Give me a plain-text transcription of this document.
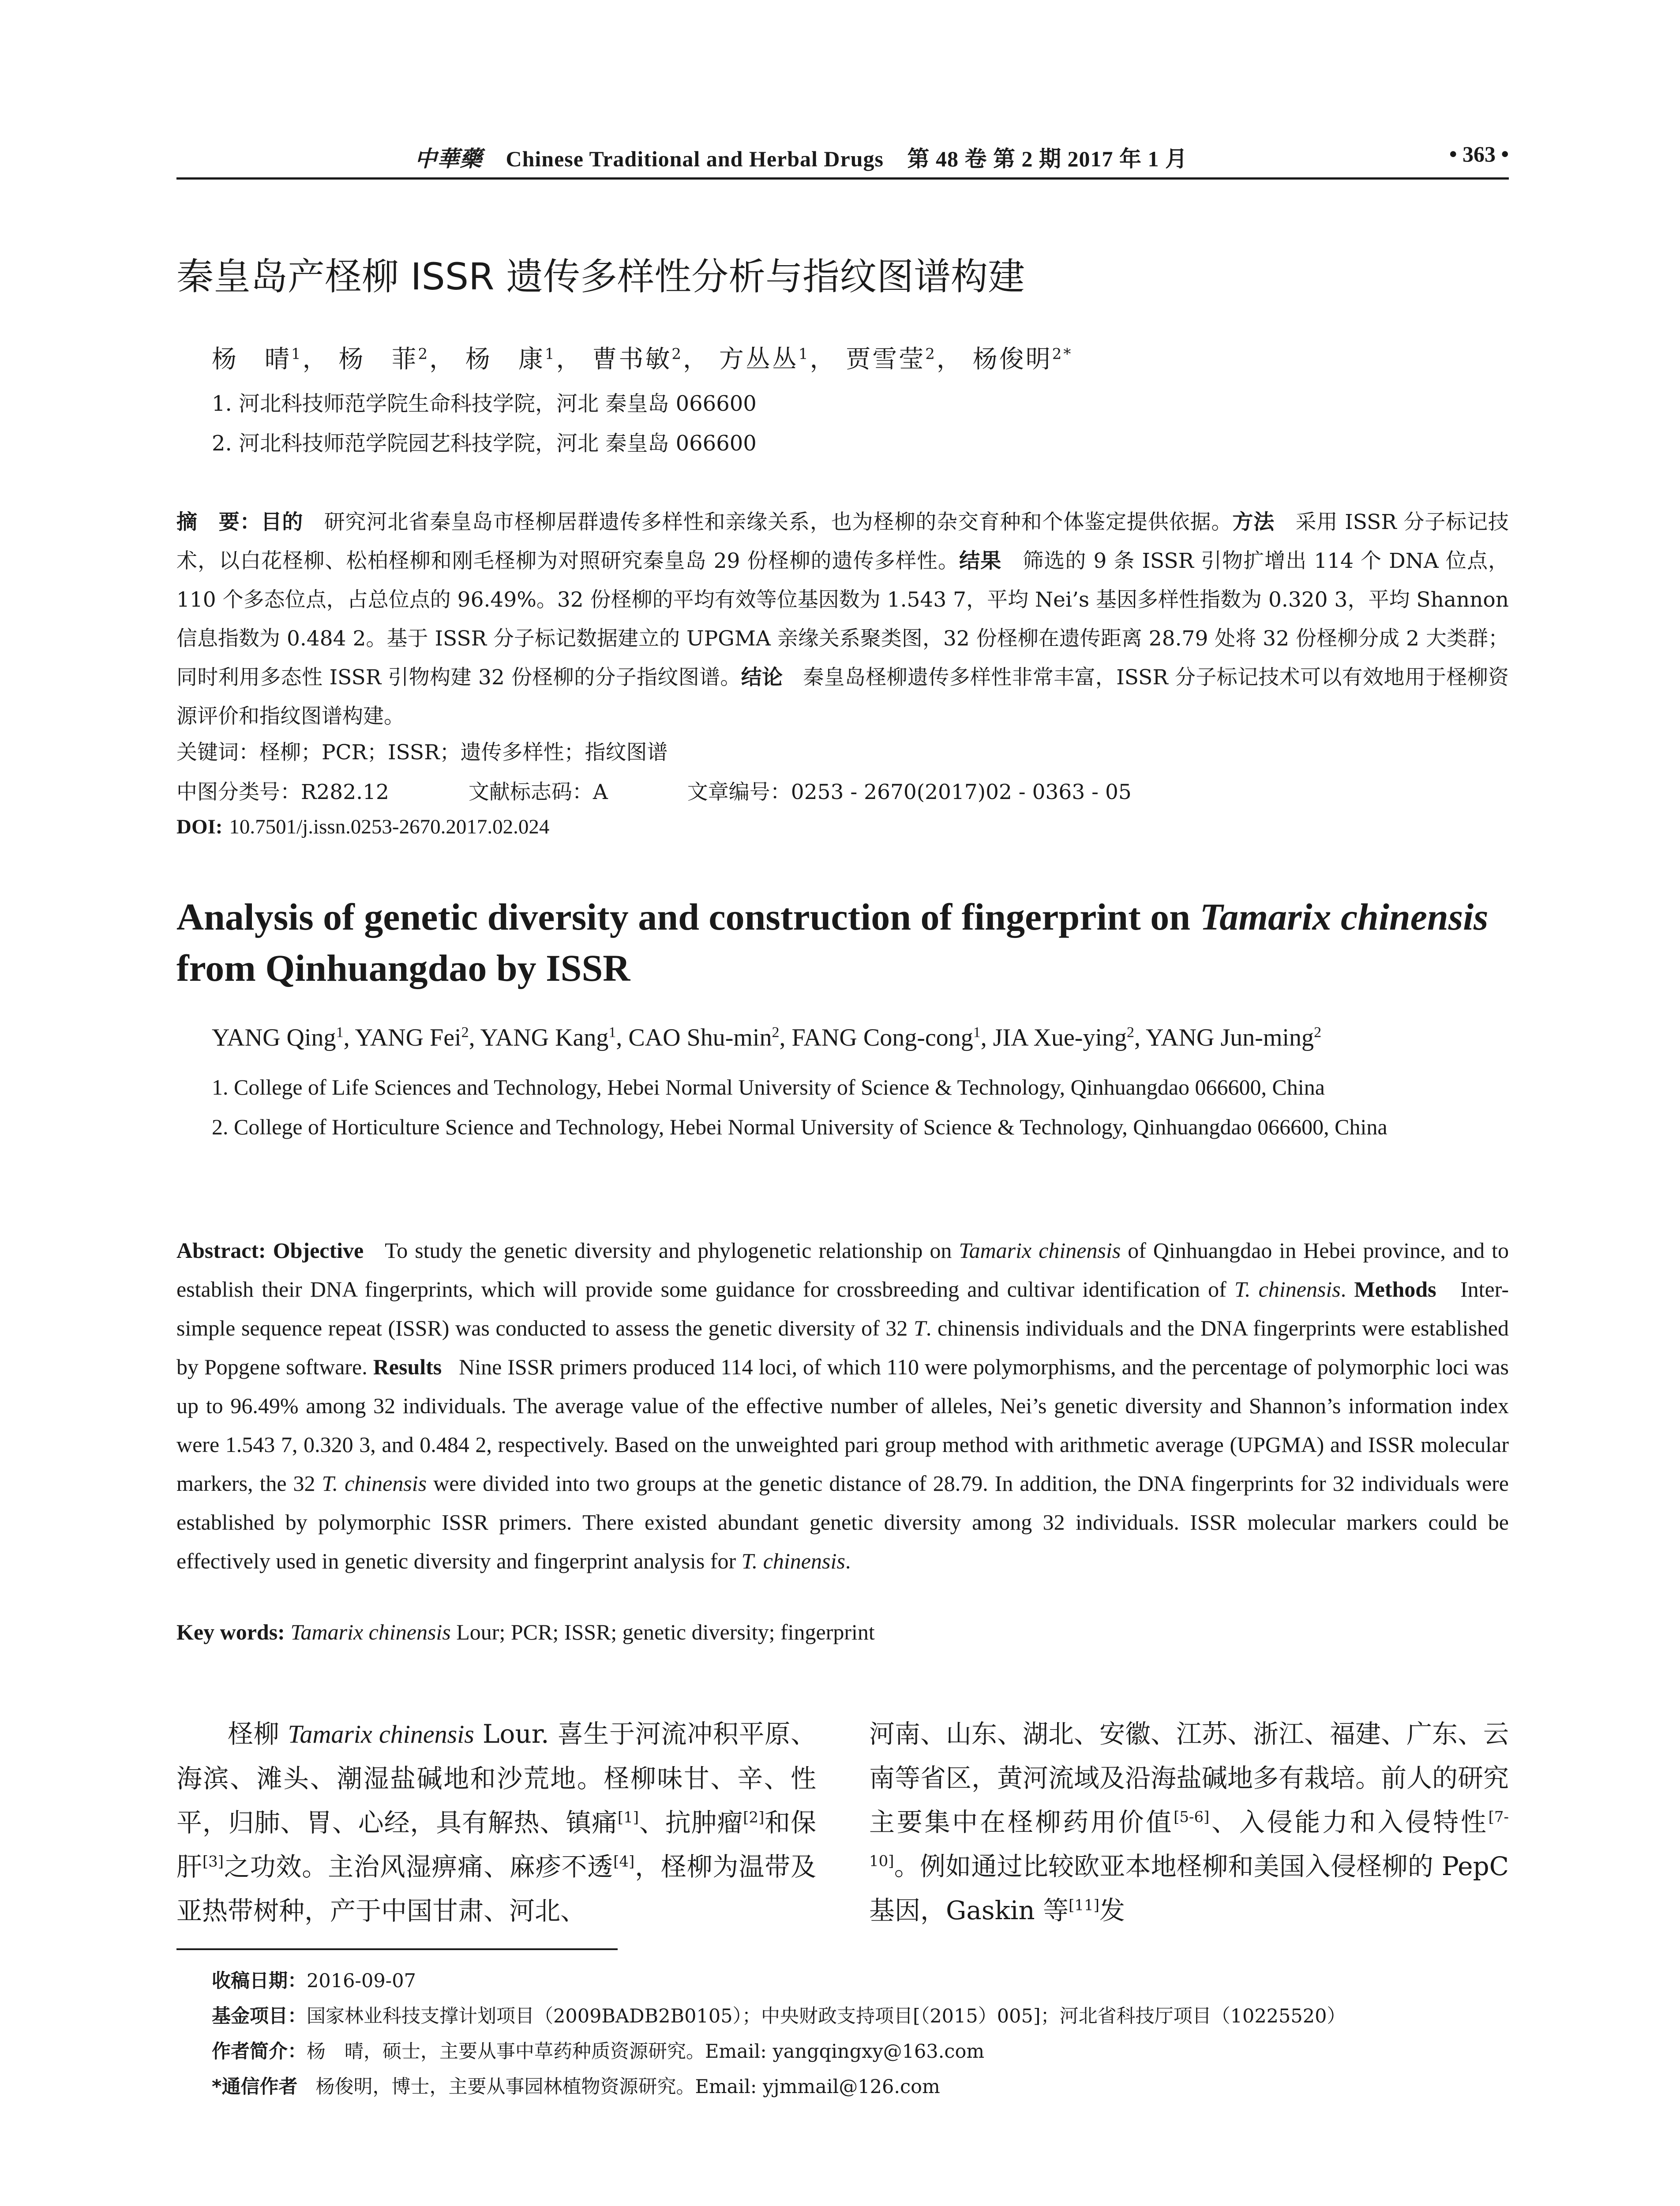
中華藥 Chinese Traditional and Herbal Drugs 第 48 卷 第 2 期 2017 年 1 月	• 363 •
秦皇岛产柽柳 ISSR 遗传多样性分析与指纹图谱构建
杨　晴$^1$， 杨　菲$^2$， 杨　康$^1$， 曹书敏$^2$， 方丛丛$^1$， 贾雪莹$^2$， 杨俊明$^{2*}$
1. 河北科技师范学院生命科技学院，河北 秦皇岛 066600
2. 河北科技师范学院园艺科技学院，河北 秦皇岛 066600
摘　要：目的 研究河北省秦皇岛市柽柳居群遗传多样性和亲缘关系，也为柽柳的杂交育种和个体鉴定提供依据。方法 采用 ISSR 分子标记技术，以白花柽柳、松柏柽柳和刚毛柽柳为对照研究秦皇岛 29 份柽柳的遗传多样性。结果 筛选的 9 条 ISSR 引物扩增出 114 个 DNA 位点，110 个多态位点，占总位点的 96.49%。32 份柽柳的平均有效等位基因数为 1.543 7，平均 Nei’s 基因多样性指数为 0.320 3，平均 Shannon 信息指数为 0.484 2。基于 ISSR 分子标记数据建立的 UPGMA 亲缘关系聚类图，32 份柽柳在遗传距离 28.79 处将 32 份柽柳分成 2 大类群；同时利用多态性 ISSR 引物构建 32 份柽柳的分子指纹图谱。结论 秦皇岛柽柳遗传多样性非常丰富，ISSR 分子标记技术可以有效地用于柽柳资源评价和指纹图谱构建。
关键词：柽柳；PCR；ISSR；遗传多样性；指纹图谱
中图分类号：R282.12	文献标志码：A	文章编号：0253 - 2670(2017)02 - 0363 - 05
DOI: 10.7501/j.issn.0253-2670.2017.02.024
Analysis of genetic diversity and construction of fingerprint on Tamarix chinensis
from Qinhuangdao by ISSR
YANG Qing$^1$, YANG Fei$^2$, YANG Kang$^1$, CAO Shu-$\min^2$, FANG Cong-cong$^1$, JIA Xue-ying$^2$, YANG Jun-ming$^2$
1. College of Life Sciences and Technology, Hebei Normal University of Science & Technology, Qinhuangdao 066600, China
2. College of Horticulture Science and Technology, Hebei Normal University of Science & Technology, Qinhuangdao 066600, China
Abstract: Objective To study the genetic diversity and phylogenetic relationship on Tamarix chinensis of Qinhuangdao in Hebei province, and to establish their DNA fingerprints, which will provide some guidance for crossbreeding and cultivar identification of T. chinensis. Methods Inter-simple sequence repeat (ISSR) was conducted to assess the genetic diversity of 32 T. chinensis individuals and the DNA fingerprints were established by Popgene software. Results Nine ISSR primers produced 114 loci, of which 110 were polymorphisms, and the percentage of polymorphic loci was up to 96.49% among 32 individuals. The average value of the effective number of alleles, Nei’s genetic diversity and Shannon’s information index were 1.543 7, 0.320 3, and 0.484 2, respectively. Based on the unweighted pari group method with arithmetic average (UPGMA) and ISSR molecular markers, the 32 T. chinensis were divided into two groups at the genetic distance of 28.79. In addition, the DNA fingerprints for 32 individuals were established by polymorphic ISSR primers. There existed abundant genetic diversity among 32 individuals. ISSR molecular markers could be effectively used in genetic diversity and fingerprint analysis for T. chinensis.
Key words: Tamarix chinensis Lour; PCR; ISSR; genetic diversity; fingerprint
柽柳 Tamarix chinensis Lour. 喜生于河流冲积平原、海滨、滩头、潮湿盐碱地和沙荒地。柽柳味甘、辛、性平，归肺、胃、心经，具有解热、镇痛[1]、抗肿瘤[2]和保肝[3]之功效。主治风湿痹痛、麻疹不透[4]，柽柳为温带及亚热带树种，产于中国甘肃、河北、
河南、山东、湖北、安徽、江苏、浙江、福建、广东、云南等省区，黄河流域及沿海盐碱地多有栽培。前人的研究主要集中在柽柳药用价值[5-6]、入侵能力和入侵特性[7-10]。例如通过比较欧亚本地柽柳和美国入侵柽柳的 PepC 基因，Gaskin 等[11]发
收稿日期：2016-09-07
基金项目：国家林业科技支撑计划项目（2009BADB2B0105）；中央财政支持项目[（2015）005]；河北省科技厅项目（10225520）
作者简介：杨　晴，硕士，主要从事中草药种质资源研究。Email: yangqingxy@163.com
*通信作者 杨俊明，博士，主要从事园林植物资源研究。Email: yjmmail@126.com
